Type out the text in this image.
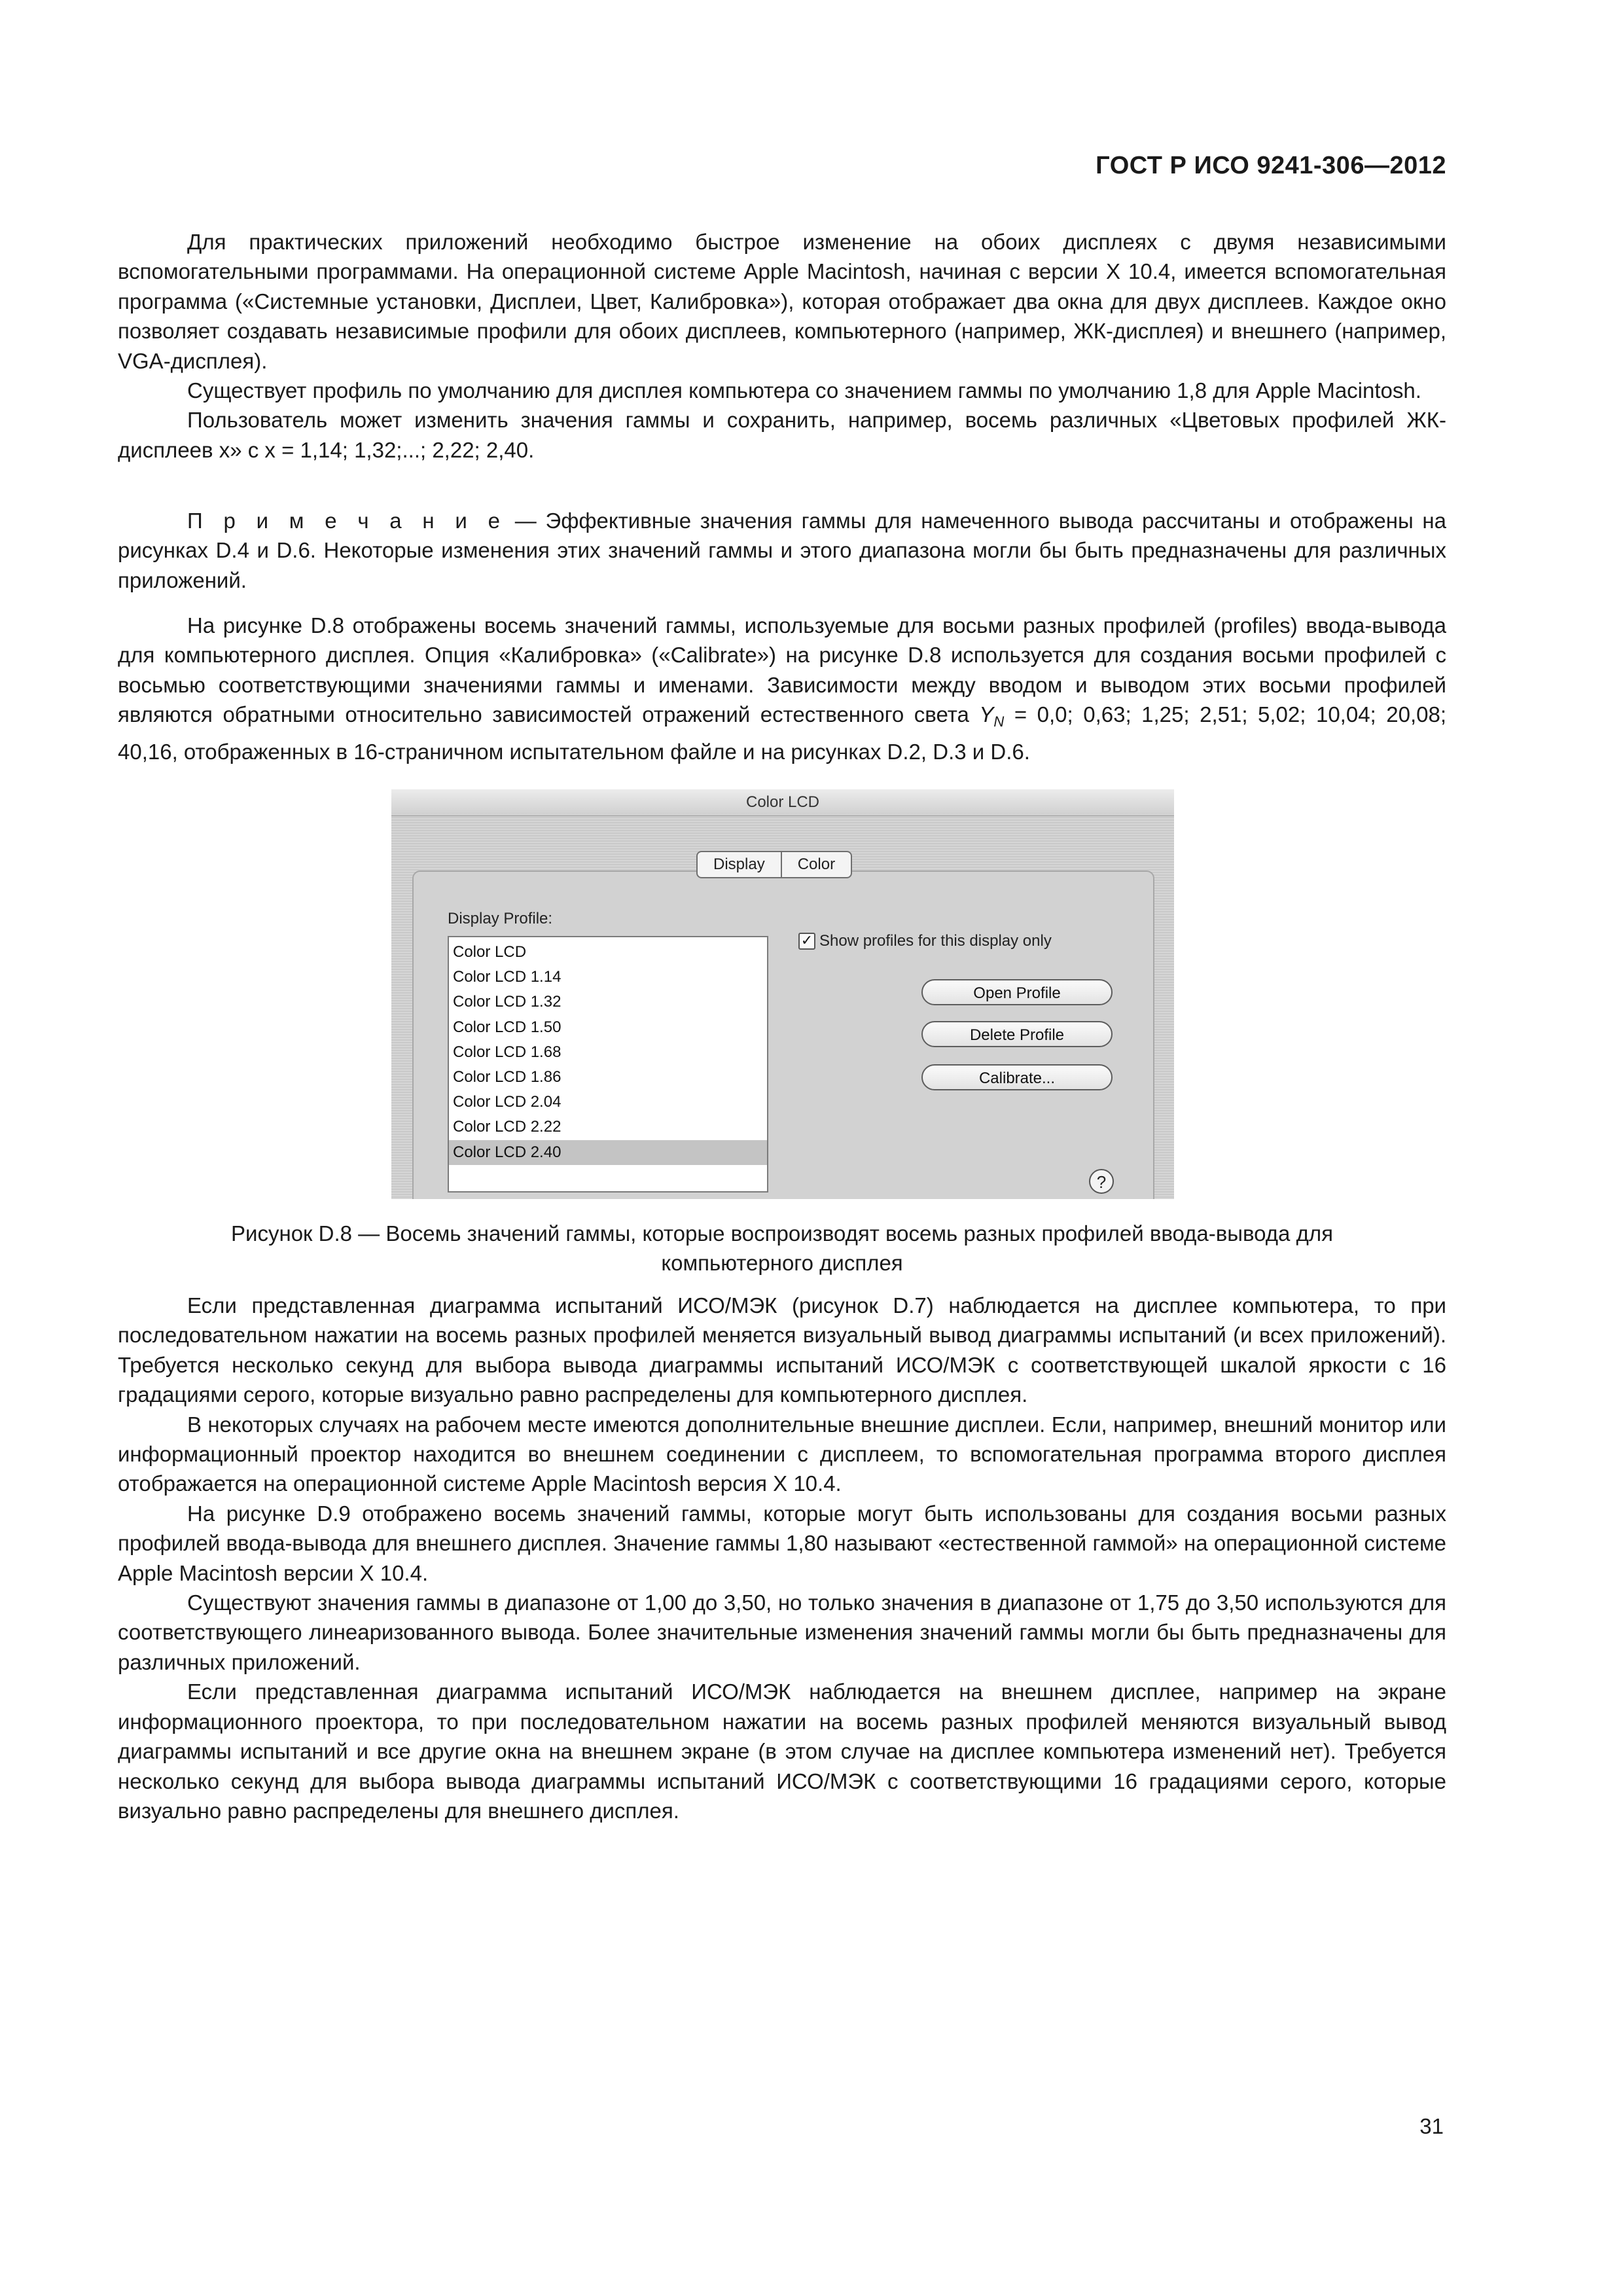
ГОСТ Р ИСО 9241-306—2012

Для практических приложений необходимо быстрое изменение на обоих дисплеях с двумя независимыми вспомогательными программами. На операционной системе Apple Macintosh, начиная с версии X 10.4, имеется вспомогательная программа («Системные установки, Дисплеи, Цвет, Калибровка»), которая отображает два окна для двух дисплеев. Каждое окно позволяет создавать независимые профили для обоих дисплеев, компьютерного (например, ЖК-дисплея) и внешнего (например, VGA-дисплея).

Существует профиль по умолчанию для дисплея компьютера со значением гаммы по умолчанию 1,8 для Apple Macintosh.

Пользователь может изменить значения гаммы и сохранить, например, восемь различных «Цветовых профилей ЖК-дисплеев x» с x = 1,14; 1,32;...; 2,22; 2,40.

П р и м е ч а н и е — Эффективные значения гаммы для намеченного вывода рассчитаны и отображены на рисунках D.4 и D.6. Некоторые изменения этих значений гаммы и этого диапазона могли бы быть предназначены для различных приложений.

На рисунке D.8 отображены восемь значений гаммы, используемые для восьми разных профилей (profiles) ввода-вывода для компьютерного дисплея. Опция «Калибровка» («Calibrate») на рисунке D.8 используется для создания восьми профилей с восьмью соответствующими значениями гаммы и именами. Зависимости между вводом и выводом этих восьми профилей являются обратными относительно зависимостей отражений естественного света $Y_N = 0,0$; 0,63; 1,25; 2,51; 5,02; 10,04; 20,08; 40,16, отображенных в 16-страничном испытательном файле и на рисунках D.2, D.3 и D.6.

Color LCD
Display	Color
Display Profile:
Color LCD
Color LCD 1.14
Color LCD 1.32
Color LCD 1.50
Color LCD 1.68
Color LCD 1.86
Color LCD 2.04
Color LCD 2.22
Color LCD 2.40
✓ Show profiles for this display only
Open Profile
Delete Profile
Calibrate...
?
Рисунок D.8 — Восемь значений гаммы, которые воспроизводят восемь разных профилей ввода-вывода для
компьютерного дисплея

Если представленная диаграмма испытаний ИСО/МЭК (рисунок D.7) наблюдается на дисплее компьютера, то при последовательном нажатии на восемь разных профилей меняется визуальный вывод диаграммы испытаний (и всех приложений). Требуется несколько секунд для выбора вывода диаграммы испытаний ИСО/МЭК с соответствующей шкалой яркости с 16 градациями серого, которые визуально равно распределены для компьютерного дисплея.

В некоторых случаях на рабочем месте имеются дополнительные внешние дисплеи. Если, например, внешний монитор или информационный проектор находится во внешнем соединении с дисплеем, то вспомогательная программа второго дисплея отображается на операционной системе Apple Macintosh версия X 10.4.

На рисунке D.9 отображено восемь значений гаммы, которые могут быть использованы для создания восьми разных профилей ввода-вывода для внешнего дисплея. Значение гаммы 1,80 называют «естественной гаммой» на операционной системе Apple Macintosh версии X 10.4.

Существуют значения гаммы в диапазоне от 1,00 до 3,50, но только значения в диапазоне от 1,75 до 3,50 используются для соответствующего линеаризованного вывода. Более значительные изменения значений гаммы могли бы быть предназначены для различных приложений.

Если представленная диаграмма испытаний ИСО/МЭК наблюдается на внешнем дисплее, например на экране информационного проектора, то при последовательном нажатии на восемь разных профилей меняются визуальный вывод диаграммы испытаний и все другие окна на внешнем экране (в этом случае на дисплее компьютера изменений нет). Требуется несколько секунд для выбора вывода диаграммы испытаний ИСО/МЭК с соответствующими 16 градациями серого, которые визуально равно распределены для внешнего дисплея.

31
